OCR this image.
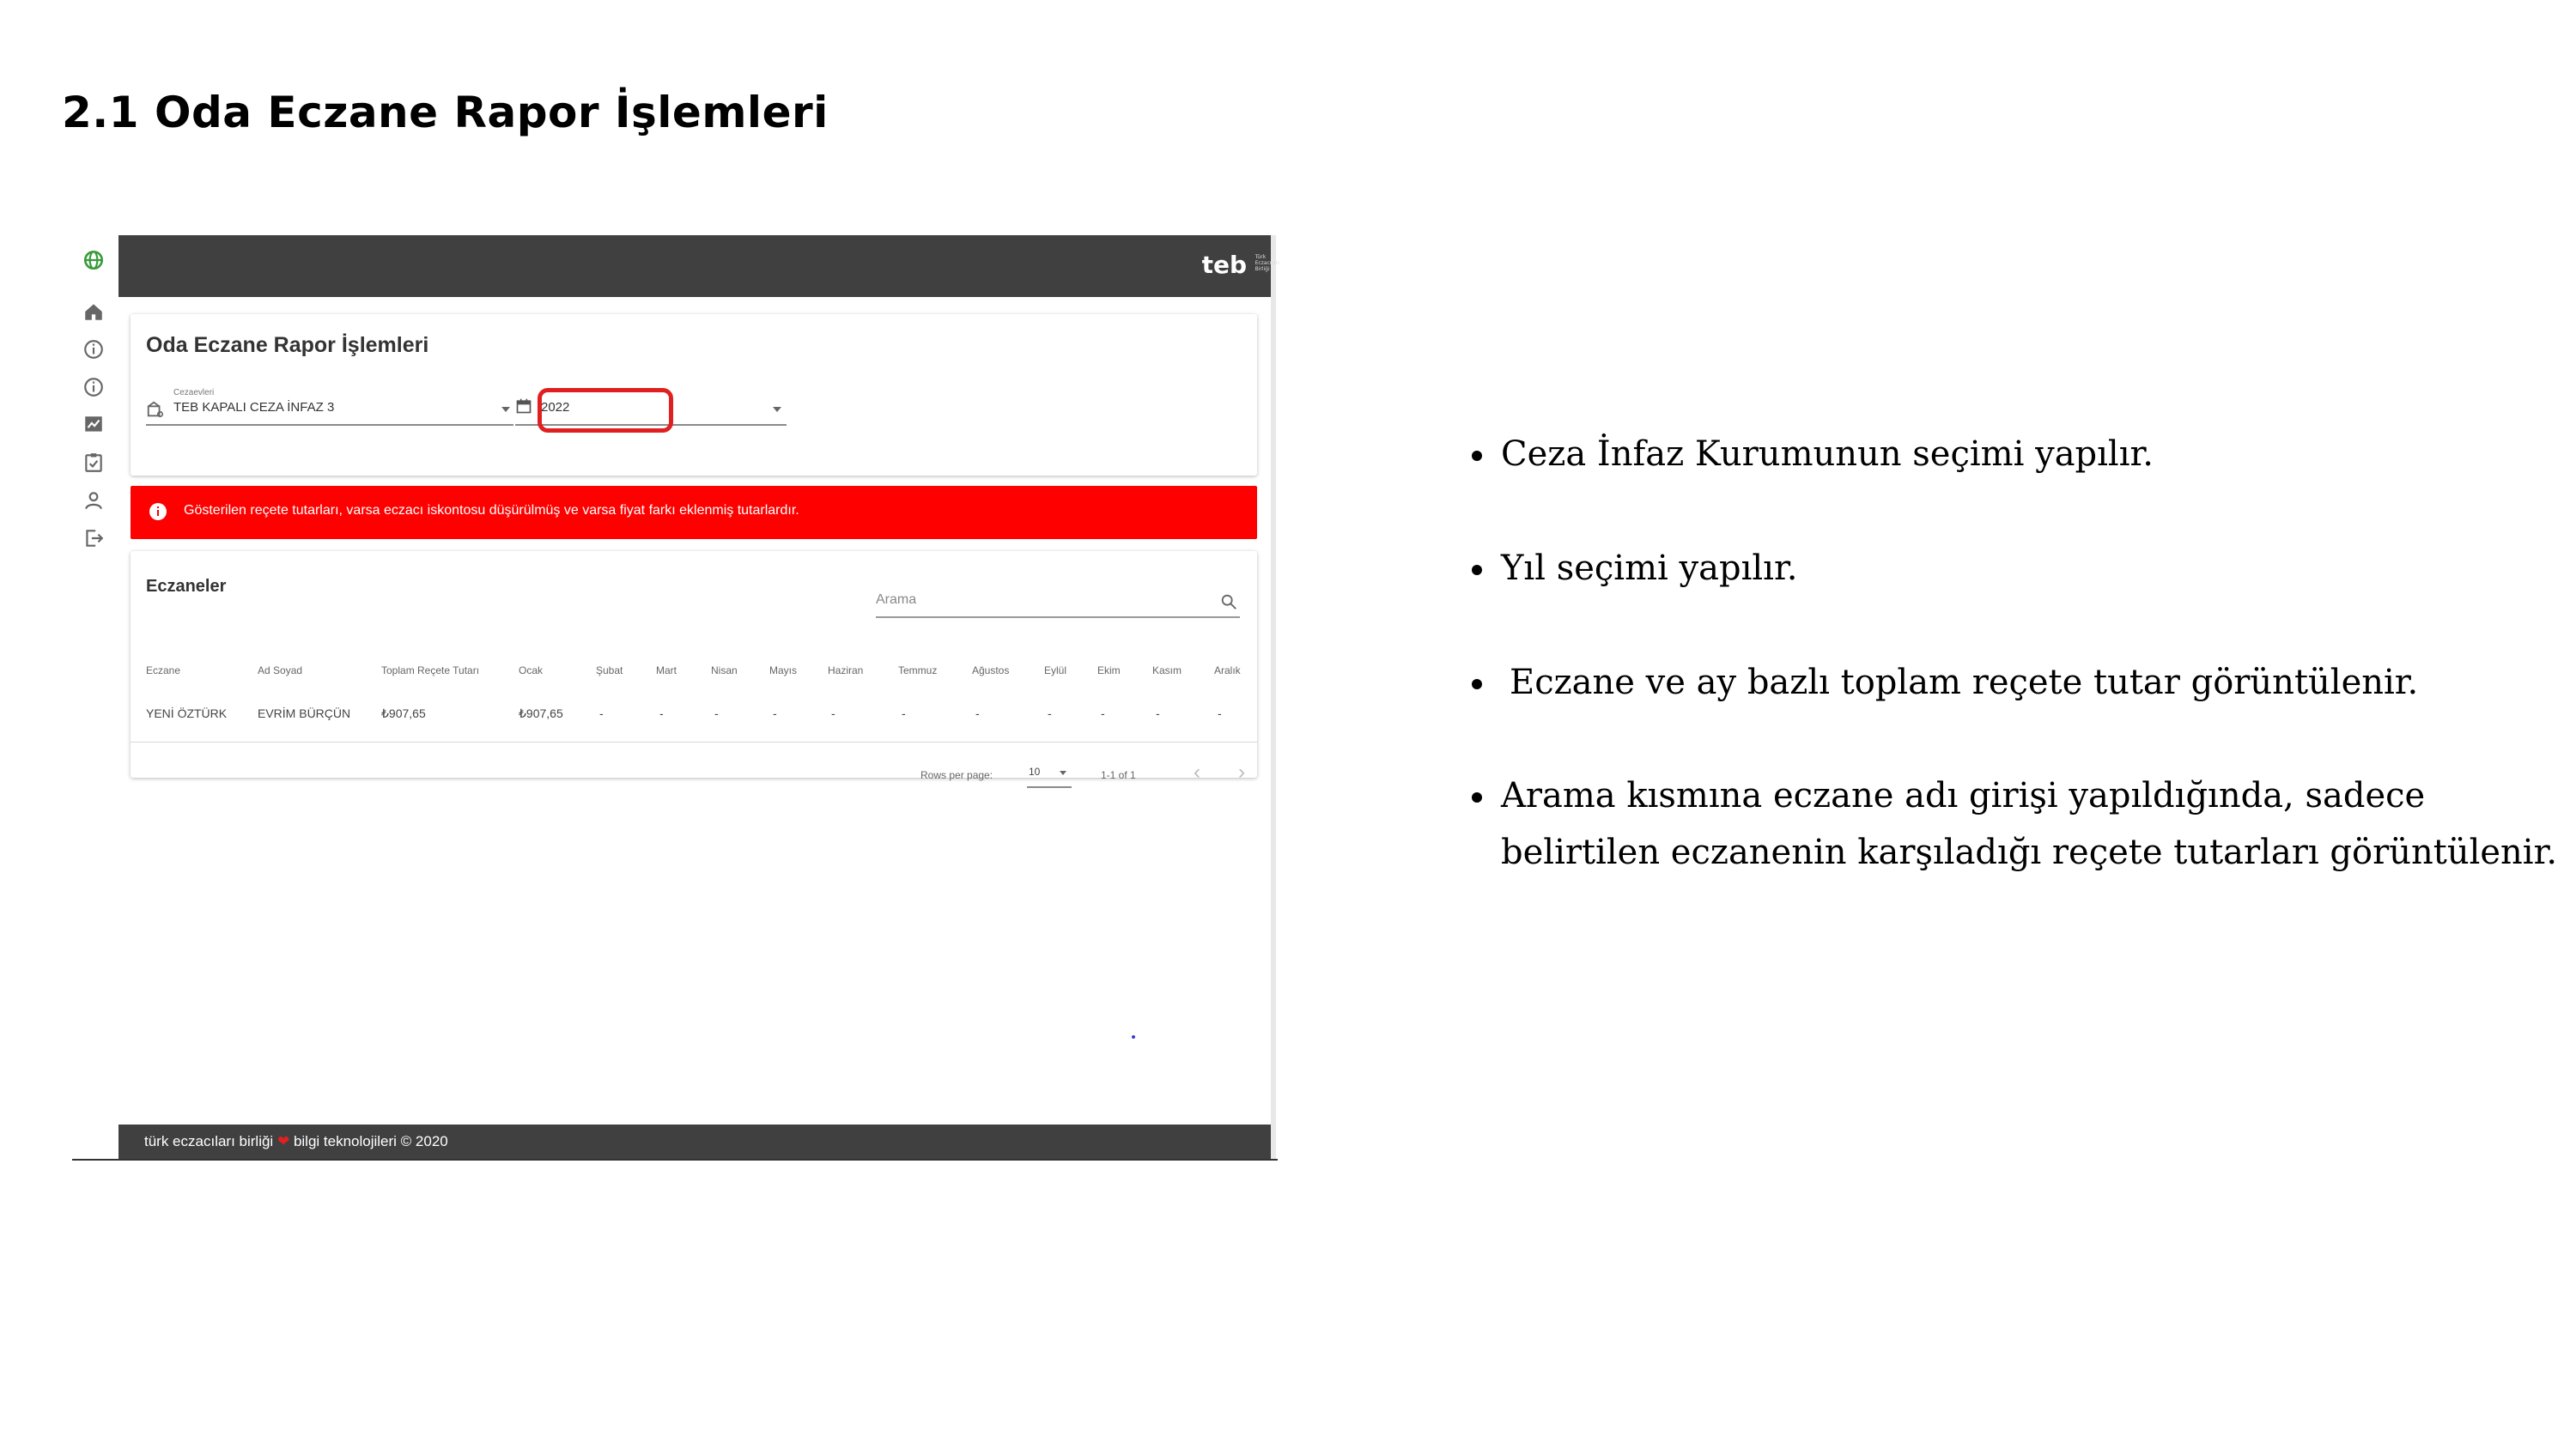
2.1 Oda Eczane Rapor İşlemleri
teb Türk Eczacıları Birliği
Oda Eczane Rapor İşlemleri
Cezaevleri
TEB KAPALI CEZA İNFAZ 3	2022
Gösterilen reçete tutarları, varsa eczacı iskontosu düşürülmüş ve varsa fiyat farkı eklenmiş tutarlardır.
Eczaneler
Arama
Eczane	Ad Soyad	Toplam Reçete Tutarı	Ocak	Şubat	Mart	Nisan	Mayıs	Haziran	Temmuz	Ağustos	Eylül	Ekim	Kasım	Aralık
YENİ ÖZTÜRK	EVRİM BÜRÇÜN	₺907,65	₺907,65	-	-	-	-	-	-	-	-	-	-	-
Rows per page:	10	1-1 of 1	‹ ›
türk eczacıları birliği ❤ bilgi teknolojileri © 2020
Ceza İnfaz Kurumunun seçimi yapılır.
Yıl seçimi yapılır.
Eczane ve ay bazlı toplam reçete tutar görüntülenir.
Arama kısmına eczane adı girişi yapıldığında, sadece belirtilen eczanenin karşıladığı reçete tutarları görüntülenir.
